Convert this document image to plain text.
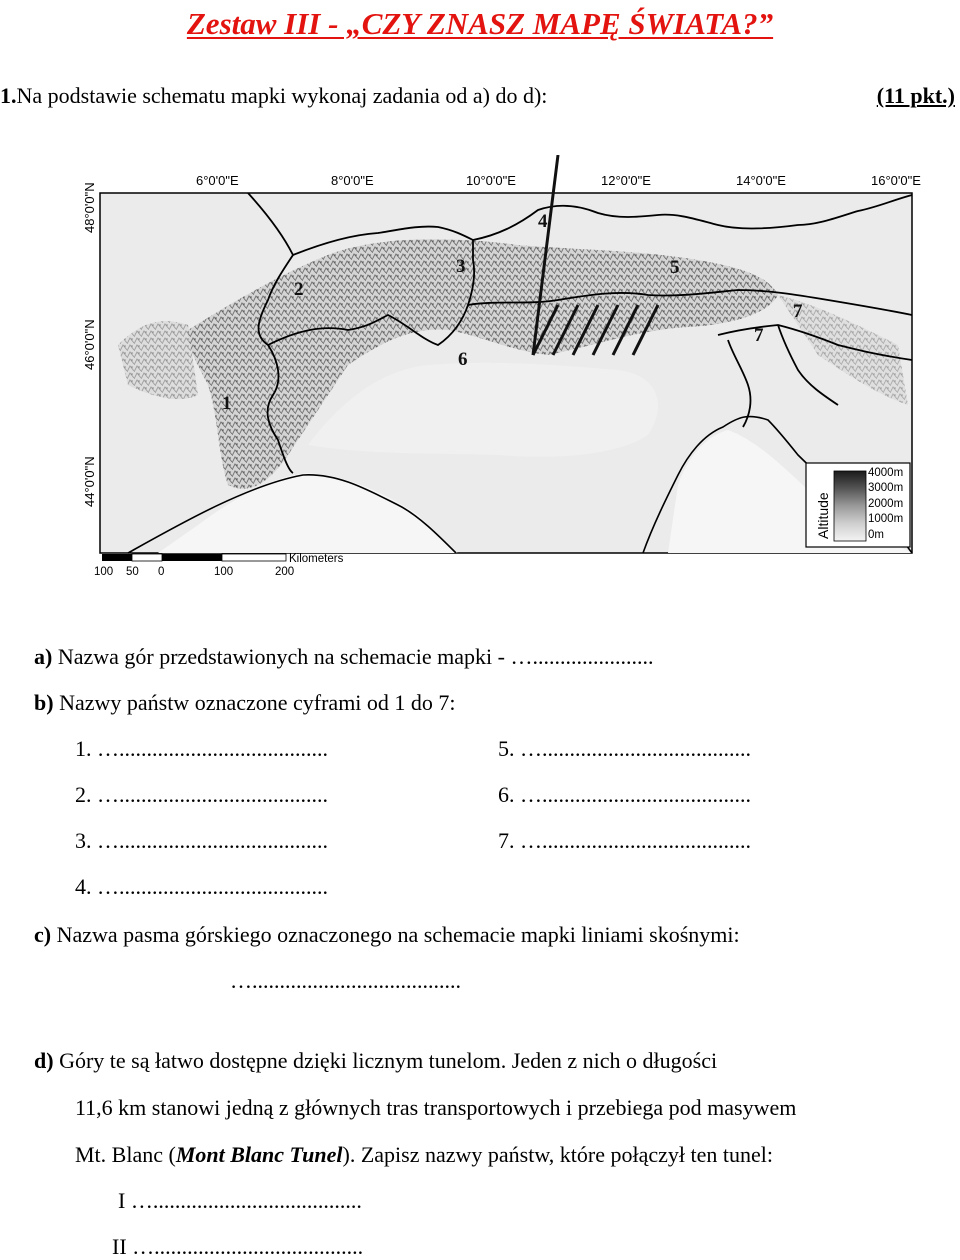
Zestaw III - „CZY ZNASZ MAPĘ ŚWIATA?”
1.Na podstawie schematu mapki wykonaj zadania od a) do d):	(11 pkt.)
6°0'0"E	8°0'0"E	10°0'0"E	12°0'0"E	14°0'0"E	16°0'0"E
48°0'0"N
46°0'0"N
44°0'0"N
1
2
3
4
5
6
7
7
Altitude
4000m
3000m
2000m
1000m
0m
Kilometers
100 50 0	100	200
a) Nazwa gór przedstawionych na schemacie mapki - …......................
b) Nazwy państw oznaczone cyframi od 1 do 7:
1. …......................................
2. …......................................
3. …......................................
4. …......................................
5. …......................................
6. …......................................
7. …......................................
c) Nazwa pasma górskiego oznaczonego na schemacie mapki liniami skośnymi:
…......................................
d) Góry te są łatwo dostępne dzięki licznym tunelom. Jeden z nich o długości
11,6 km stanowi jedną z głównych tras transportowych i przebiega pod masywem
Mt. Blanc (Mont Blanc Tunel). Zapisz nazwy państw, które połączył ten tunel:
I …......................................
II …......................................
